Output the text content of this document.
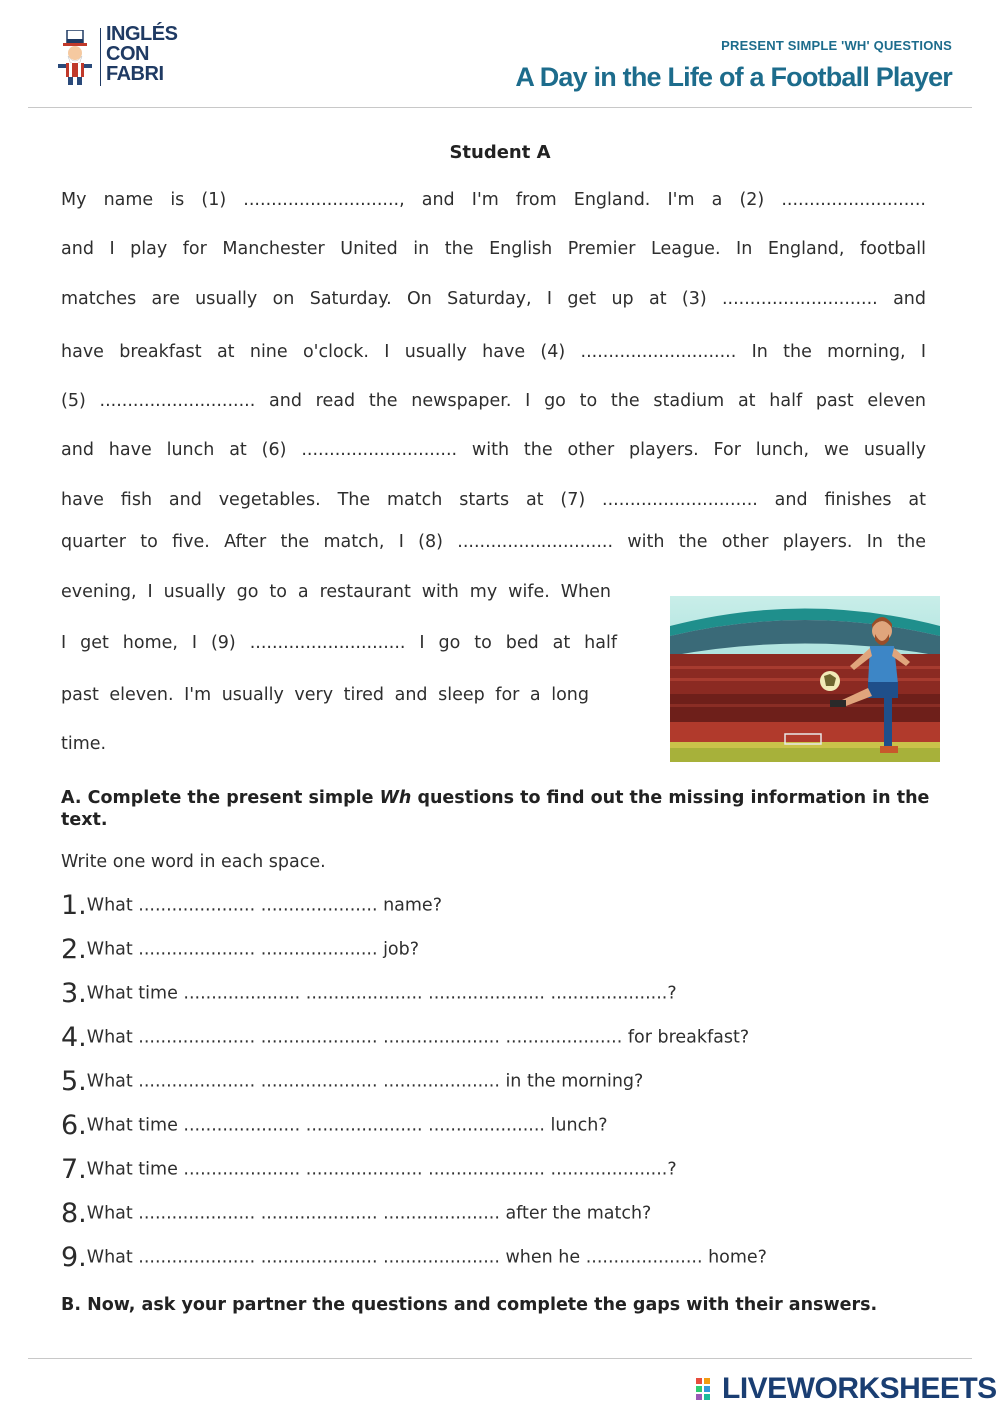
INGLÉS
CON
FABRI
PRESENT SIMPLE 'WH' QUESTIONS
A Day in the Life of a Football Player
Student A
My name is (1) ............................, and I'm from England. I'm a (2) ..........................
and I play for Manchester United in the English Premier League. In England, football
matches are usually on Saturday. On Saturday, I get up at (3) ............................ and
have breakfast at nine o'clock. I usually have (4) ............................ In the morning, I
(5) ............................ and read the newspaper. I go to the stadium at half past eleven
and have lunch at (6) ............................ with the other players. For lunch, we usually
have fish and vegetables. The match starts at (7) ............................ and finishes at
quarter to five. After the match, I (8) ............................ with the other players. In the
evening, I usually go to a restaurant with my wife. When
I get home, I (9) ............................ I go to bed at half
past eleven. I'm usually very tired and sleep for a long
time.
A. Complete the present simple Wh questions to find out the missing information in the text.
Write one word in each space.
1.What ..................... ..................... name?
2.What ..................... ..................... job?
3.What time ..................... ..................... ..................... .....................?
4.What ..................... ..................... ..................... ..................... for breakfast?
5.What ..................... ..................... ..................... in the morning?
6.What time ..................... ..................... ..................... lunch?
7.What time ..................... ..................... ..................... .....................?
8.What ..................... ..................... ..................... after the match?
9.What ..................... ..................... ..................... when he ..................... home?
B. Now, ask your partner the questions and complete the gaps with their answers.
LIVEWORKSHEETS
